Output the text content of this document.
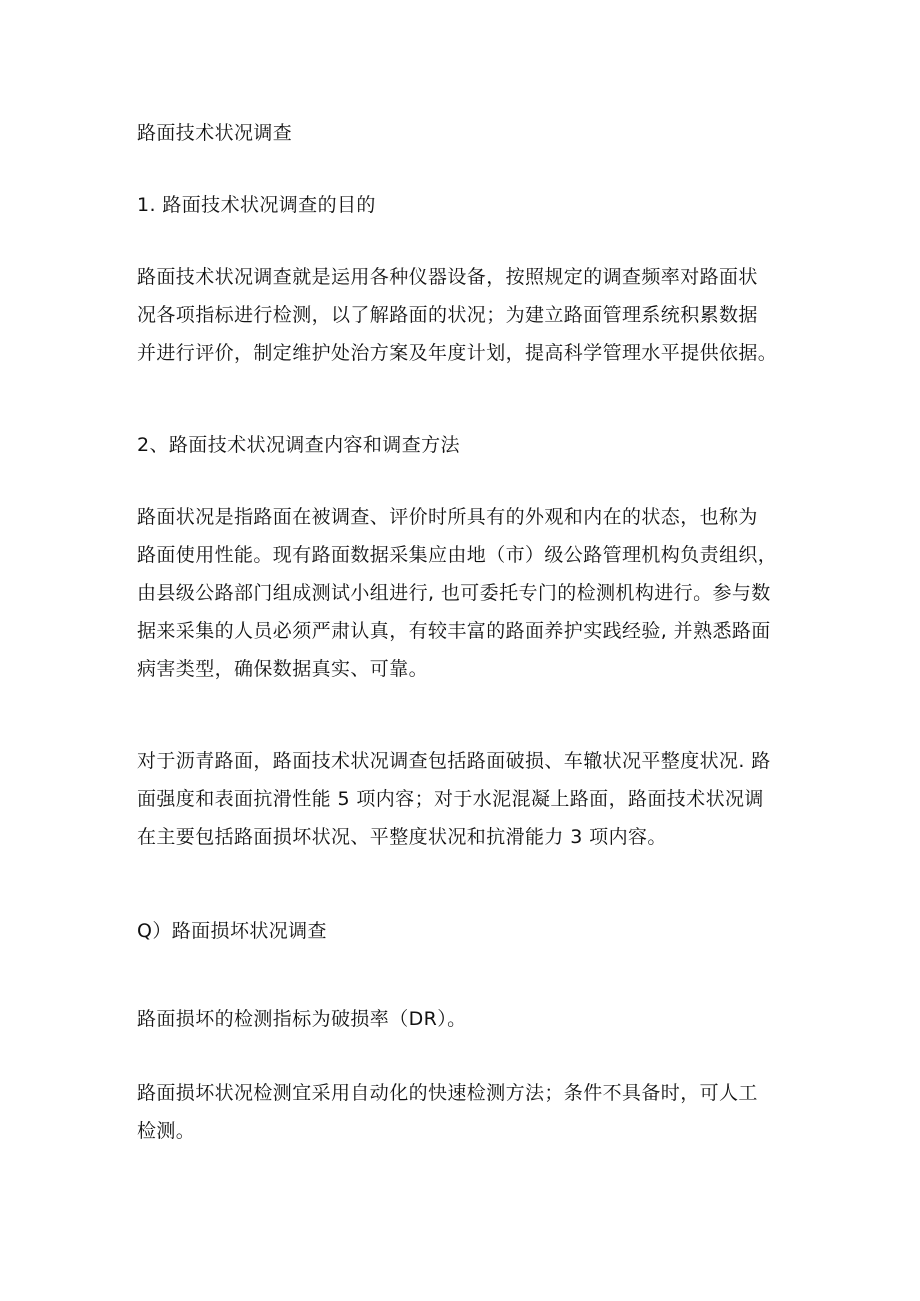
路面技术状况调查

1. 路面技术状况调查的目的

路面技术状况调查就是运用各种仪器设备，按照规定的调查频率对路面状
况各项指标进行检测，以了解路面的状况；为建立路面管理系统积累数据
并进行评价，制定维护处治方案及年度计划，提高科学管理水平提供依据。

2、路面技术状况调查内容和调查方法

路面状况是指路面在被调查、评价时所具有的外观和内在的状态，也称为
路面使用性能。现有路面数据采集应由地（市）级公路管理机构负责组织，
由县级公路部门组成测试小组进行, 也可委托专门的检测机构进行。参与数
据来采集的人员必须严肃认真，有较丰富的路面养护实践经验, 并熟悉路面
病害类型，确保数据真实、可靠。
对于沥青路面，路面技术状况调查包括路面破损、车辙状况平整度状况. 路
面强度和表面抗滑性能 5 项内容；对于水泥混凝上路面，路面技术状况调
在主要包括路面损坏状况、平整度状况和抗滑能力 3 项内容。

Q）路面损坏状况调查

路面损坏的检测指标为破损率（DR）。

路面损坏状况检测宜采用自动化的快速检测方法；条件不具备时，可人工
检测。
